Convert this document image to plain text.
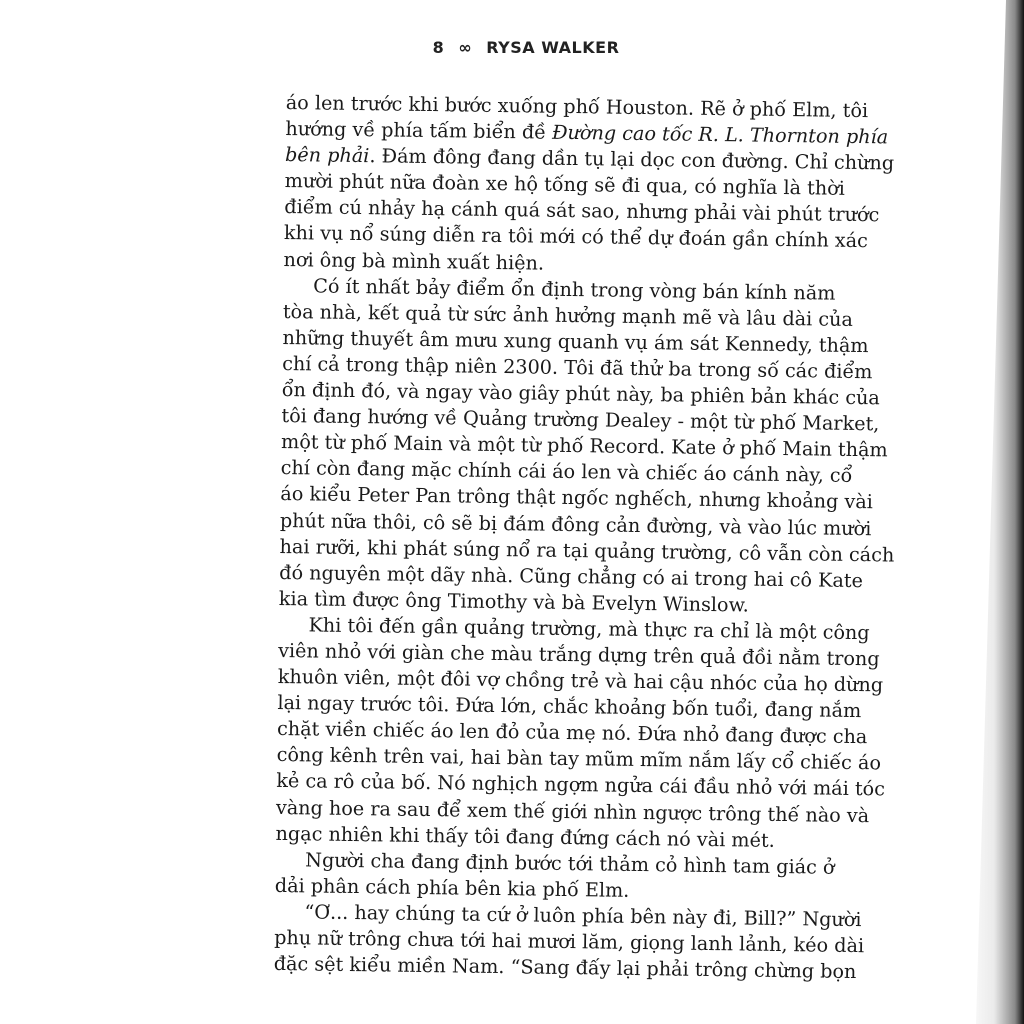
8 ∞ RYSA WALKER
áo len trước khi bước xuống phố Houston. Rẽ ở phố Elm, tôi
hướng về phía tấm biển đề Đường cao tốc R. L. Thornton phía
bên phải. Đám đông đang dần tụ lại dọc con đường. Chỉ chừng
mười phút nữa đoàn xe hộ tống sẽ đi qua, có nghĩa là thời
điểm cú nhảy hạ cánh quá sát sao, nhưng phải vài phút trước
khi vụ nổ súng diễn ra tôi mới có thể dự đoán gần chính xác
nơi ông bà mình xuất hiện.
Có ít nhất bảy điểm ổn định trong vòng bán kính năm
tòa nhà, kết quả từ sức ảnh hưởng mạnh mẽ và lâu dài của
những thuyết âm mưu xung quanh vụ ám sát Kennedy, thậm
chí cả trong thập niên 2300. Tôi đã thử ba trong số các điểm
ổn định đó, và ngay vào giây phút này, ba phiên bản khác của
tôi đang hướng về Quảng trường Dealey - một từ phố Market,
một từ phố Main và một từ phố Record. Kate ở phố Main thậm
chí còn đang mặc chính cái áo len và chiếc áo cánh này, cổ
áo kiểu Peter Pan trông thật ngốc nghếch, nhưng khoảng vài
phút nữa thôi, cô sẽ bị đám đông cản đường, và vào lúc mười
hai rưỡi, khi phát súng nổ ra tại quảng trường, cô vẫn còn cách
đó nguyên một dãy nhà. Cũng chẳng có ai trong hai cô Kate
kia tìm được ông Timothy và bà Evelyn Winslow.
Khi tôi đến gần quảng trường, mà thực ra chỉ là một công
viên nhỏ với giàn che màu trắng dựng trên quả đồi nằm trong
khuôn viên, một đôi vợ chồng trẻ và hai cậu nhóc của họ dừng
lại ngay trước tôi. Đứa lớn, chắc khoảng bốn tuổi, đang nắm
chặt viền chiếc áo len đỏ của mẹ nó. Đứa nhỏ đang được cha
công kênh trên vai, hai bàn tay mũm mĩm nắm lấy cổ chiếc áo
kẻ ca rô của bố. Nó nghịch ngợm ngửa cái đầu nhỏ với mái tóc
vàng hoe ra sau để xem thế giới nhìn ngược trông thế nào và
ngạc nhiên khi thấy tôi đang đứng cách nó vài mét.
Người cha đang định bước tới thảm cỏ hình tam giác ở
dải phân cách phía bên kia phố Elm.
“Ơ... hay chúng ta cứ ở luôn phía bên này đi, Bill?” Người
phụ nữ trông chưa tới hai mươi lăm, giọng lanh lảnh, kéo dài
đặc sệt kiểu miền Nam. “Sang đấy lại phải trông chừng bọn
